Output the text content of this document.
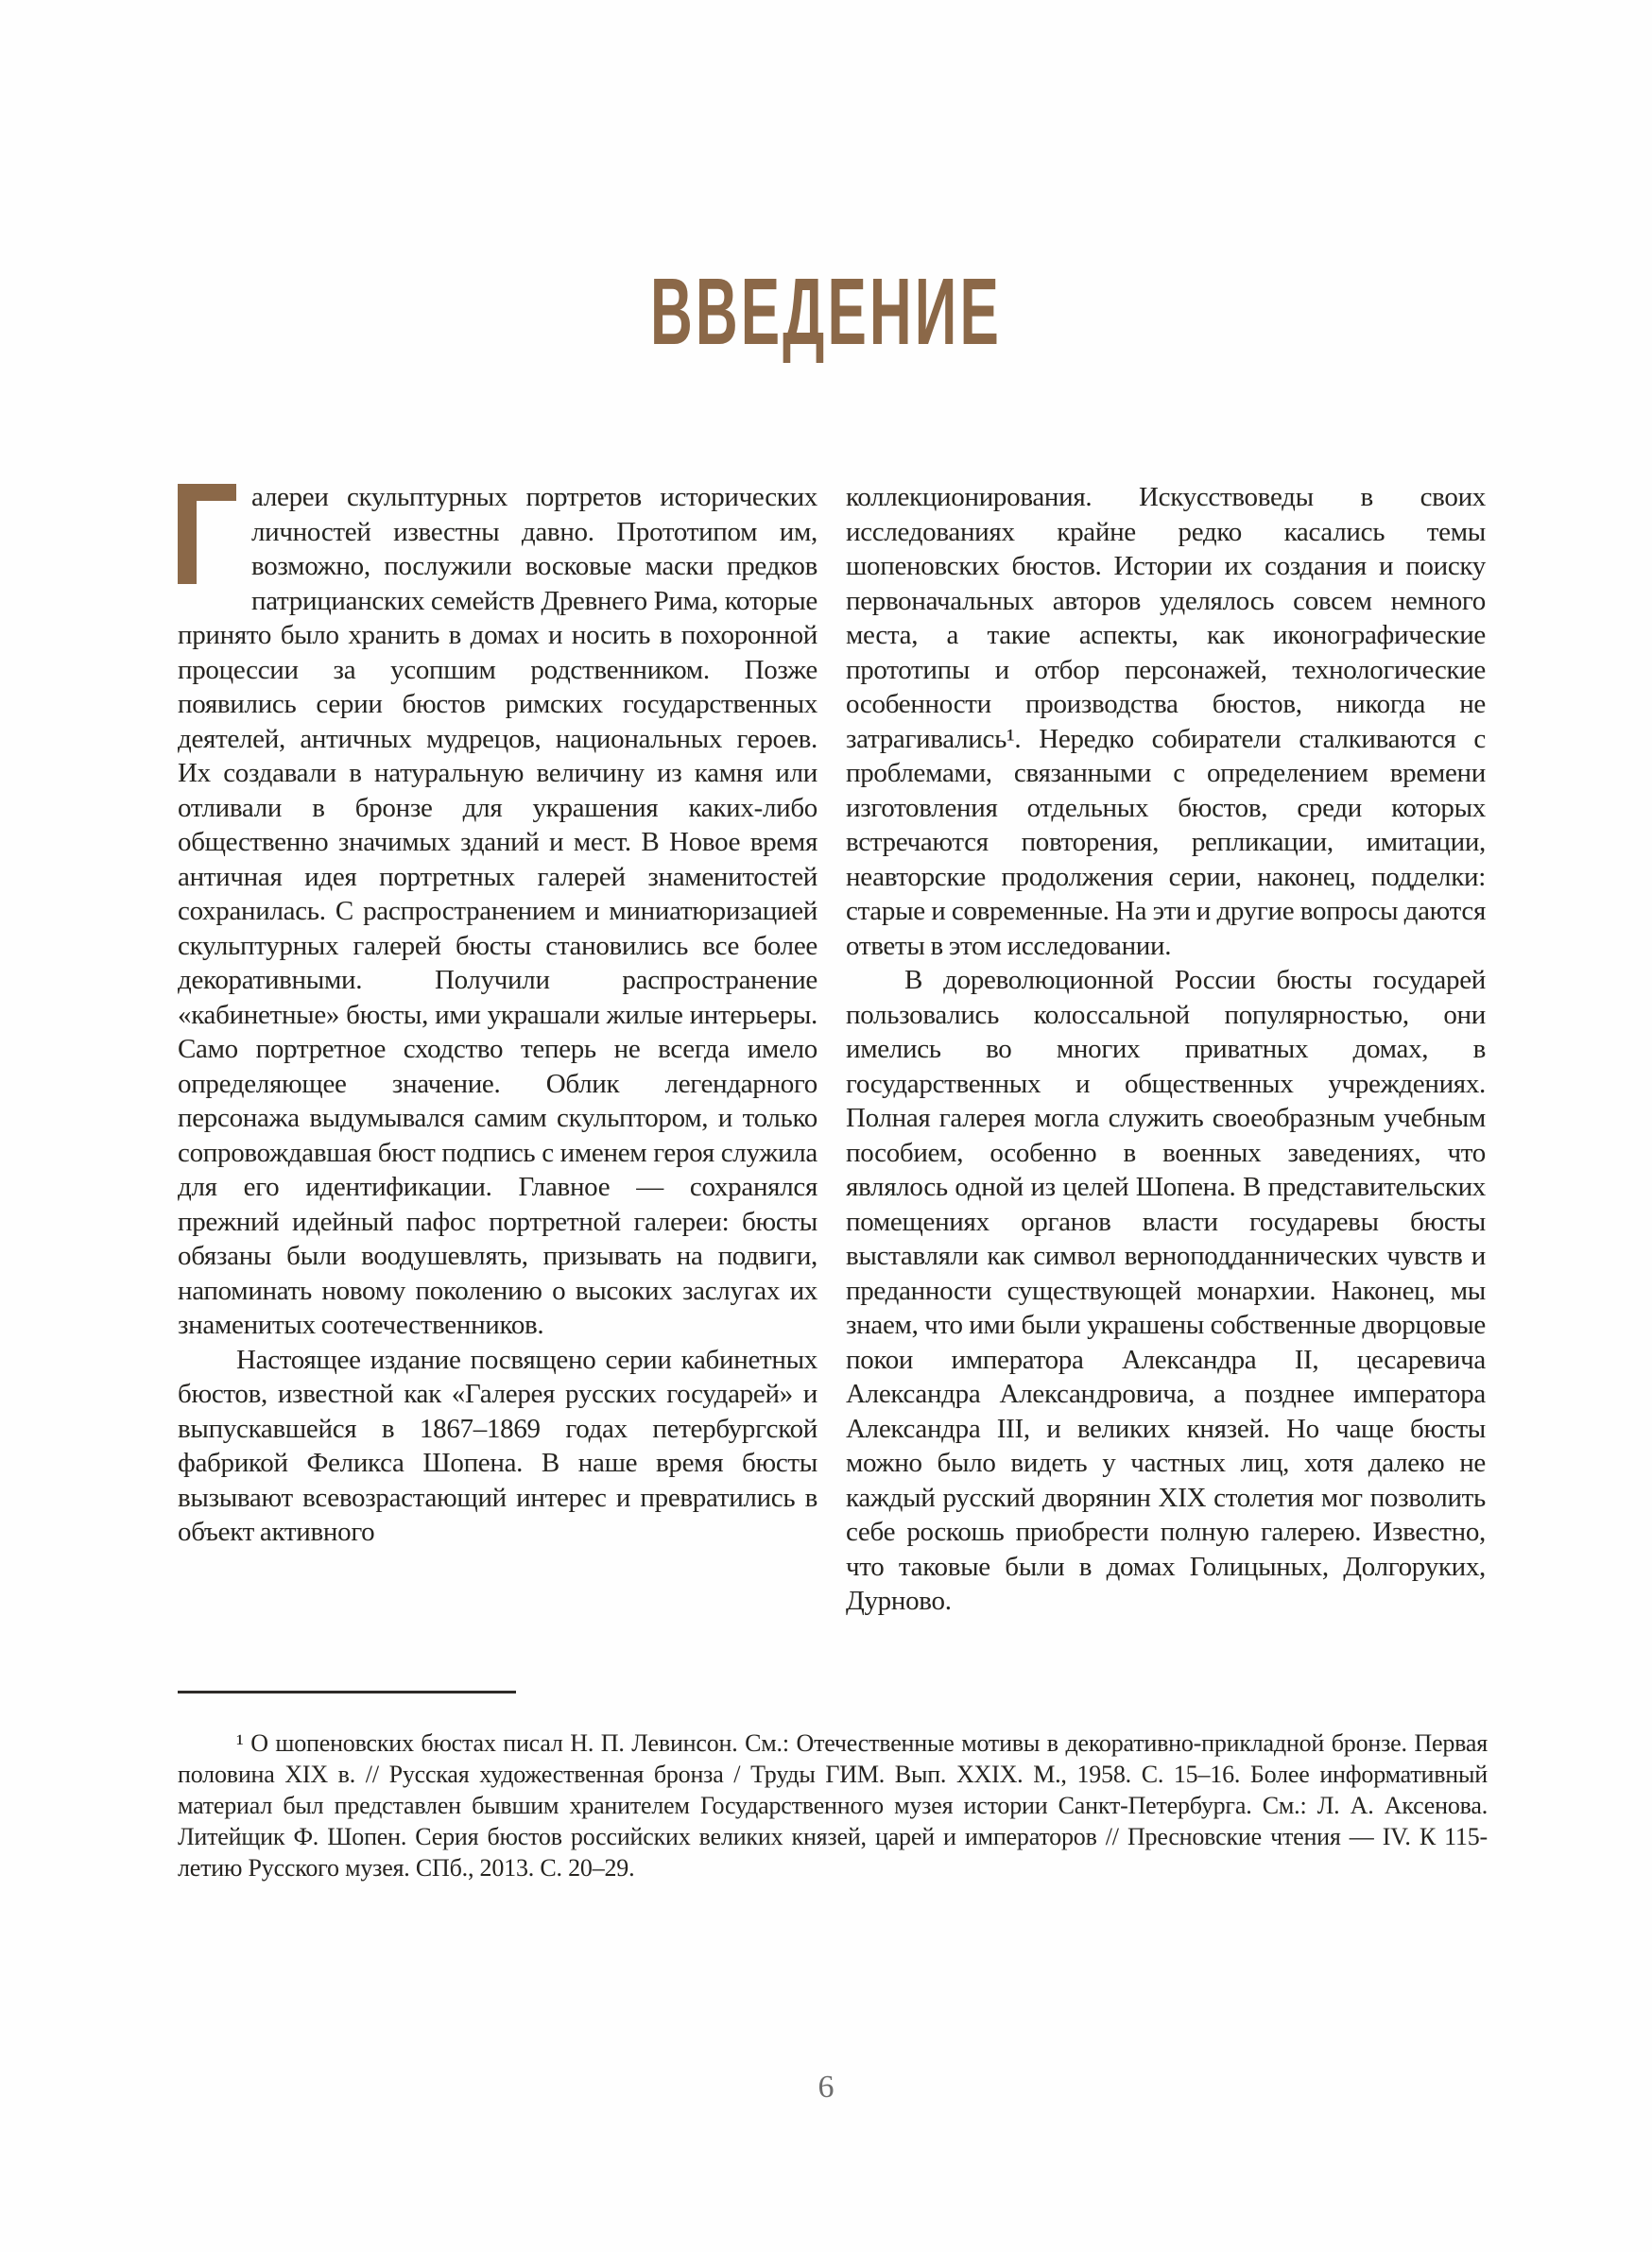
ВВЕДЕНИЕ

алереи скульптурных портретов исторических личностей известны давно. Прототипом им, возможно, послужили восковые маски предков патрицианских семейств Древнего Рима, которые принято было хранить в домах и носить в похоронной процессии за усопшим родственником. Позже появились серии бюстов римских государственных деятелей, античных мудрецов, национальных героев. Их создавали в натуральную величину из камня или отливали в бронзе для украшения каких-либо общественно значимых зданий и мест. В Новое время античная идея портретных галерей знаменитостей сохранилась. С распространением и миниатюризацией скульптурных галерей бюсты становились все более декоративными. Получили распространение «кабинетные» бюсты, ими украшали жилые интерьеры. Само портретное сходство теперь не всегда имело определяющее значение. Облик легендарного персонажа выдумывался самим скульптором, и только сопровождавшая бюст подпись с именем героя служила для его идентификации. Главное — сохранялся прежний идейный пафос портретной галереи: бюсты обязаны были воодушевлять, призывать на подвиги, напоминать новому поколению о высоких заслугах их знаменитых соотечественников.

Настоящее издание посвящено серии кабинетных бюстов, известной как «Галерея русских государей» и выпускавшейся в 1867–1869 годах петербургской фабрикой Феликса Шопена. В наше время бюсты вызывают всевозрастающий интерес и превратились в объект активного

коллекционирования. Искусствоведы в своих исследованиях крайне редко касались темы шопеновских бюстов. Истории их создания и поиску первоначальных авторов уделялось совсем немного места, а такие аспекты, как иконографические прототипы и отбор персонажей, технологические особенности производства бюстов, никогда не затрагивались¹. Нередко собиратели сталкиваются с проблемами, связанными с определением времени изготовления отдельных бюстов, среди которых встречаются повторения, репликации, имитации, неавторские продолжения серии, наконец, подделки: старые и современные. На эти и другие вопросы даются ответы в этом исследовании.

В дореволюционной России бюсты государей пользовались колоссальной популярностью, они имелись во многих приватных домах, в государственных и общественных учреждениях. Полная галерея могла служить своеобразным учебным пособием, особенно в военных заведениях, что являлось одной из целей Шопена. В представительских помещениях органов власти государевы бюсты выставляли как символ верноподданнических чувств и преданности существующей монархии. Наконец, мы знаем, что ими были украшены собственные дворцовые покои императора Александра II, цесаревича Александра Александровича, а позднее императора Александра III, и великих князей. Но чаще бюсты можно было видеть у частных лиц, хотя далеко не каждый русский дворянин XIX столетия мог позволить себе роскошь приобрести полную галерею. Известно, что таковые были в домах Голицыных, Долгоруких, Дурново.

¹ О шопеновских бюстах писал Н. П. Левинсон. См.: Отечественные мотивы в декоративно-прикладной бронзе. Первая половина XIX в. // Русская художественная бронза / Труды ГИМ. Вып. XXIX. М., 1958. С. 15–16. Более информативный материал был представлен бывшим хранителем Государственного музея истории Санкт-Петербурга. См.: Л. А. Аксенова. Литейщик Ф. Шопен. Серия бюстов российских великих князей, царей и императоров // Пресновские чтения — IV. К 115-летию Русского музея. СПб., 2013. С. 20–29.

6
